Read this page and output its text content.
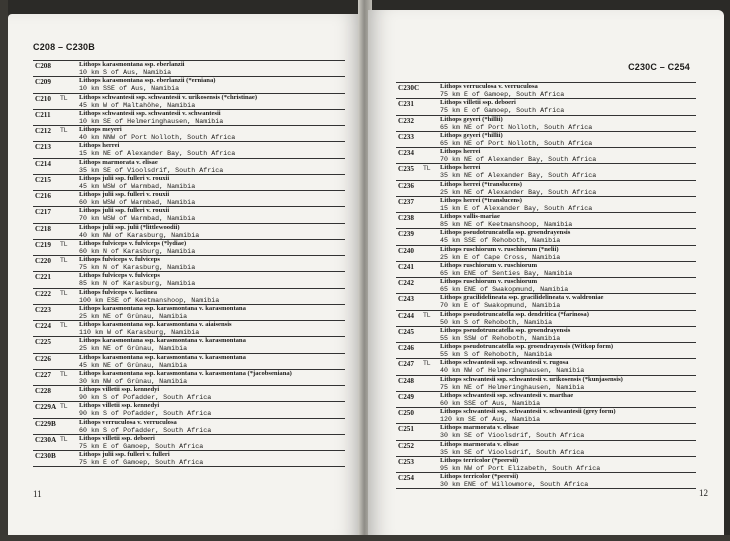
C208 – C230B
C208	Lithops karasmontana ssp. eberlanzii
10 km S of Aus, Namibia
C209	Lithops karasmontana ssp. eberlanzii (*erniana)
10 km SSE of Aus, Namibia
C210 TL Lithops schwantesii ssp. schwantesii v. urikosensis (*christinae)
45 km W of Maltahöhe, Namibia
C211	Lithops schwantesii ssp. schwantesii v. schwantesii
10 km SE of Helmeringhausen, Namibia
C212 TL Lithops meyeri
40 km NNW of Port Nolloth, South Africa
C213	Lithops herrei
15 km NE of Alexander Bay, South Africa
C214	Lithops marmorata v. elisae
35 km SE of Vioolsdrif, South Africa
C215	Lithops julii ssp. fulleri v. rouxii
45 km WSW of Warmbad, Namibia
C216	Lithops julii ssp. fulleri v. rouxii
60 km WSW of Warmbad, Namibia
C217	Lithops julii ssp. fulleri v. rouxii
70 km WSW of Warmbad, Namibia
C218	Lithops julii ssp. julii (*littlewoodii)
40 km NW of Karasburg, Namibia
C219 TL Lithops fulviceps v. fulviceps (*lydiae)
60 km N of Karasburg, Namibia
C220 TL Lithops fulviceps v. fulviceps
75 km N of Karasburg, Namibia
C221	Lithops fulviceps v. fulviceps
85 km N of Karasburg, Namibia
C222 TL Lithops fulviceps v. lactinea
100 km ESE of Keetmanshoop, Namibia
C223	Lithops karasmontana ssp. karasmontana v. karasmontana
25 km NE of Grünau, Namibia
C224 TL Lithops karasmontana ssp. karasmontana v. aiaisensis
110 km W of Karasburg, Namibia
C225	Lithops karasmontana ssp. karasmontana v. karasmontana
25 km NE of Grünau, Namibia
C226	Lithops karasmontana ssp. karasmontana v. karasmontana
45 km NE of Grünau, Namibia
C227 TL Lithops karasmontana ssp. karasmontana v. karasmontana (*jacobseniana)
30 km NW of Grünau, Namibia
C228	Lithops villetii ssp. kennedyi
90 km S of Pofadder, South Africa
C229A TL Lithops villetii ssp. kennedyi
90 km S of Pofadder, South Africa
C229B	Lithops verruculosa v. verruculosa
60 km S of Pofadder, South Africa
C230A TL Lithops villetii ssp. deboeri
75 km E of Gamoep, South Africa
C230B	Lithops julii ssp. fulleri v. fulleri
75 km E of Gamoep, South Africa
11
C230C – C254
C230C	Lithops verruculosa v. verruculosa
75 km E of Gamoep, South Africa
C231	Lithops villetii ssp. deboeri
75 km E of Gamoep, South Africa
C232	Lithops geyeri (*hillii)
65 km NE of Port Nolloth, South Africa
C233	Lithops geyeri (*hillii)
65 km NE of Port Nolloth, South Africa
C234	Lithops herrei
70 km NE of Alexander Bay, South Africa
C235 TL Lithops herrei
35 km NE of Alexander Bay, South Africa
C236	Lithops herrei (*translucens)
25 km NE of Alexander Bay, South Africa
C237	Lithops herrei (*translucens)
15 km E of Alexander Bay, South Africa
C238	Lithops vallis-mariae
85 km NE of Keetmanshoop, Namibia
C239	Lithops pseudotruncatella ssp. groendrayensis
45 km SSE of Rehoboth, Namibia
C240	Lithops ruschiorum v. ruschiorum (*nelii)
25 km E of Cape Cross, Namibia
C241	Lithops ruschiorum v. ruschiorum
65 km ENE of Senties Bay, Namibia
C242	Lithops ruschiorum v. ruschiorum
65 km ENE of Swakopmund, Namibia
C243	Lithops gracilidelineata ssp. gracilidelineata v. waldroniae
70 km E of Swakopmund, Namibia
C244 TL Lithops pseudotruncatella ssp. dendritica (*farinosa)
50 km S of Rehoboth, Namibia
C245	Lithops pseudotruncatella ssp. groendrayensis
55 km SSW of Rehoboth, Namibia
C246	Lithops pseudotruncatella ssp. groendrayensis (Witkop form)
55 km S of Rehoboth, Namibia
C247 TL Lithops schwantesii ssp. schwantesii v. rugosa
40 km NW of Helmeringhausen, Namibia
C248	Lithops schwantesii ssp. schwantesii v. urikosensis (*kunjasensis)
75 km NE of Helmeringhausen, Namibia
C249	Lithops schwantesii ssp. schwantesii v. marthae
60 km SSE of Aus, Namibia
C250	Lithops schwantesii ssp. schwantesii v. schwantesii (grey form)
120 km SE of Aus, Namibia
C251	Lithops marmorata v. elisae
30 km SE of Vioolsdrif, South Africa
C252	Lithops marmorata v. elisae
35 km SE of Vioolsdrif, South Africa
C253	Lithops terricolor (*peersii)
95 km NW of Port Elizabeth, South Africa
C254	Lithops terricolor (*peersii)
30 km ENE of Willowmore, South Africa
12
